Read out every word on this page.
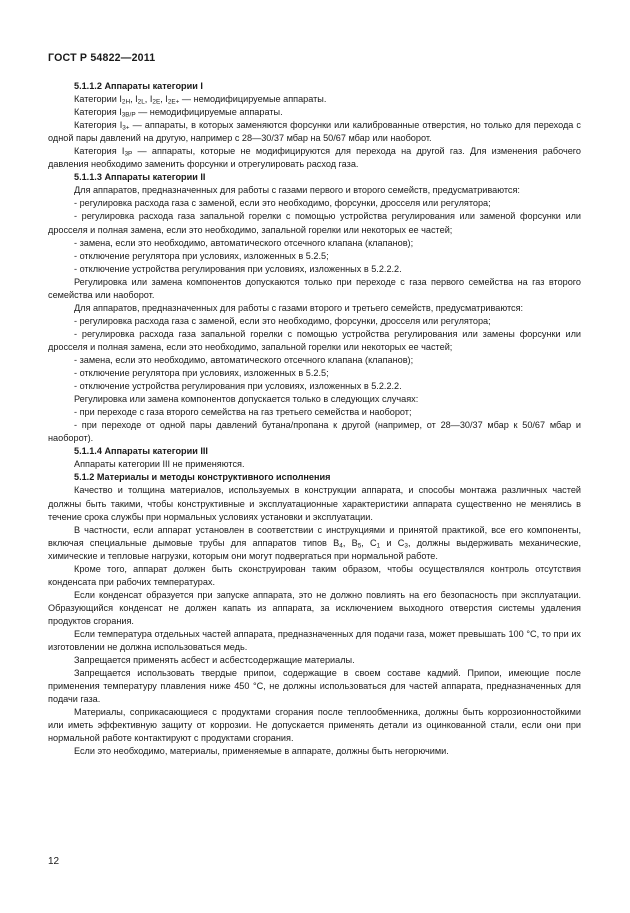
ГОСТ Р 54822—2011

5.1.1.2 Аппараты категории I

Категории $I_{2H}$, $I_{2L}$, $I_{2E}$, $I_{2E+}$ — немодифицируемые аппараты.

Категория $I_{3B/P}$ — немодифицируемые аппараты.

Категория $I_{3+}$ — аппараты, в которых заменяются форсунки или калиброванные отверстия, но только для перехода с одной пары давлений на другую, например с 28—30/37 мбар на 50/67 мбар или наоборот.

Категория $I_{3P}$ — аппараты, которые не модифицируются для перехода на другой газ. Для изменения рабочего давления необходимо заменить форсунки и отрегулировать расход газа.

5.1.1.3 Аппараты категории II

Для аппаратов, предназначенных для работы с газами первого и второго семейств, предусматриваются:

- регулировка расхода газа с заменой, если это необходимо, форсунки, дросселя или регулятора;

- регулировка расхода газа запальной горелки с помощью устройства регулирования или заменой форсунки или дросселя и полная замена, если это необходимо, запальной горелки или некоторых ее частей;

- замена, если это необходимо, автоматического отсечного клапана (клапанов);

- отключение регулятора при условиях, изложенных в 5.2.5;

- отключение устройства регулирования при условиях, изложенных в 5.2.2.2.

Регулировка или замена компонентов допускаются только при переходе с газа первого семейства на газ второго семейства или наоборот.

Для аппаратов, предназначенных для работы с газами второго и третьего семейств, предусматриваются:

- регулировка расхода газа с заменой, если это необходимо, форсунки, дросселя или регулятора;

- регулировка расхода газа запальной горелки с помощью устройства регулирования или замены форсунки или дросселя и полная замена, если это необходимо, запальной горелки или некоторых ее частей;

- замена, если это необходимо, автоматического отсечного клапана (клапанов);

- отключение регулятора при условиях, изложенных в 5.2.5;

- отключение устройства регулирования при условиях, изложенных в 5.2.2.2.

Регулировка или замена компонентов допускается только в следующих случаях:

- при переходе с газа второго семейства на газ третьего семейства и наоборот;

- при переходе от одной пары давлений бутана/пропана к другой (например, от 28—30/37 мбар к 50/67 мбар и наоборот).

5.1.1.4 Аппараты категории III

Аппараты категории III не применяются.

5.1.2 Материалы и методы конструктивного исполнения

Качество и толщина материалов, используемых в конструкции аппарата, и способы монтажа различных частей должны быть такими, чтобы конструктивные и эксплуатационные характеристики аппарата существенно не менялись в течение срока службы при нормальных условиях установки и эксплуатации.

В частности, если аппарат установлен в соответствии с инструкциями и принятой практикой, все его компоненты, включая специальные дымовые трубы для аппаратов типов $B_4$, $B_5$, $C_1$ и $C_3$, должны выдерживать механические, химические и тепловые нагрузки, которым они могут подвергаться при нормальной работе.

Кроме того, аппарат должен быть сконструирован таким образом, чтобы осуществлялся контроль отсутствия конденсата при рабочих температурах.

Если конденсат образуется при запуске аппарата, это не должно повлиять на его безопасность при эксплуатации. Образующийся конденсат не должен капать из аппарата, за исключением выходного отверстия системы удаления продуктов сгорания.

Если температура отдельных частей аппарата, предназначенных для подачи газа, может превышать 100 °C, то при их изготовлении не должна использоваться медь.

Запрещается применять асбест и асбестсодержащие материалы.

Запрещается использовать твердые припои, содержащие в своем составе кадмий. Припои, имеющие после применения температуру плавления ниже 450 °C, не должны использоваться для частей аппарата, предназначенных для подачи газа.

Материалы, соприкасающиеся с продуктами сгорания после теплообменника, должны быть коррозионностойкими или иметь эффективную защиту от коррозии. Не допускается применять детали из оцинкованной стали, если они при нормальной работе контактируют с продуктами сгорания.

Если это необходимо, материалы, применяемые в аппарате, должны быть негорючими.

12
